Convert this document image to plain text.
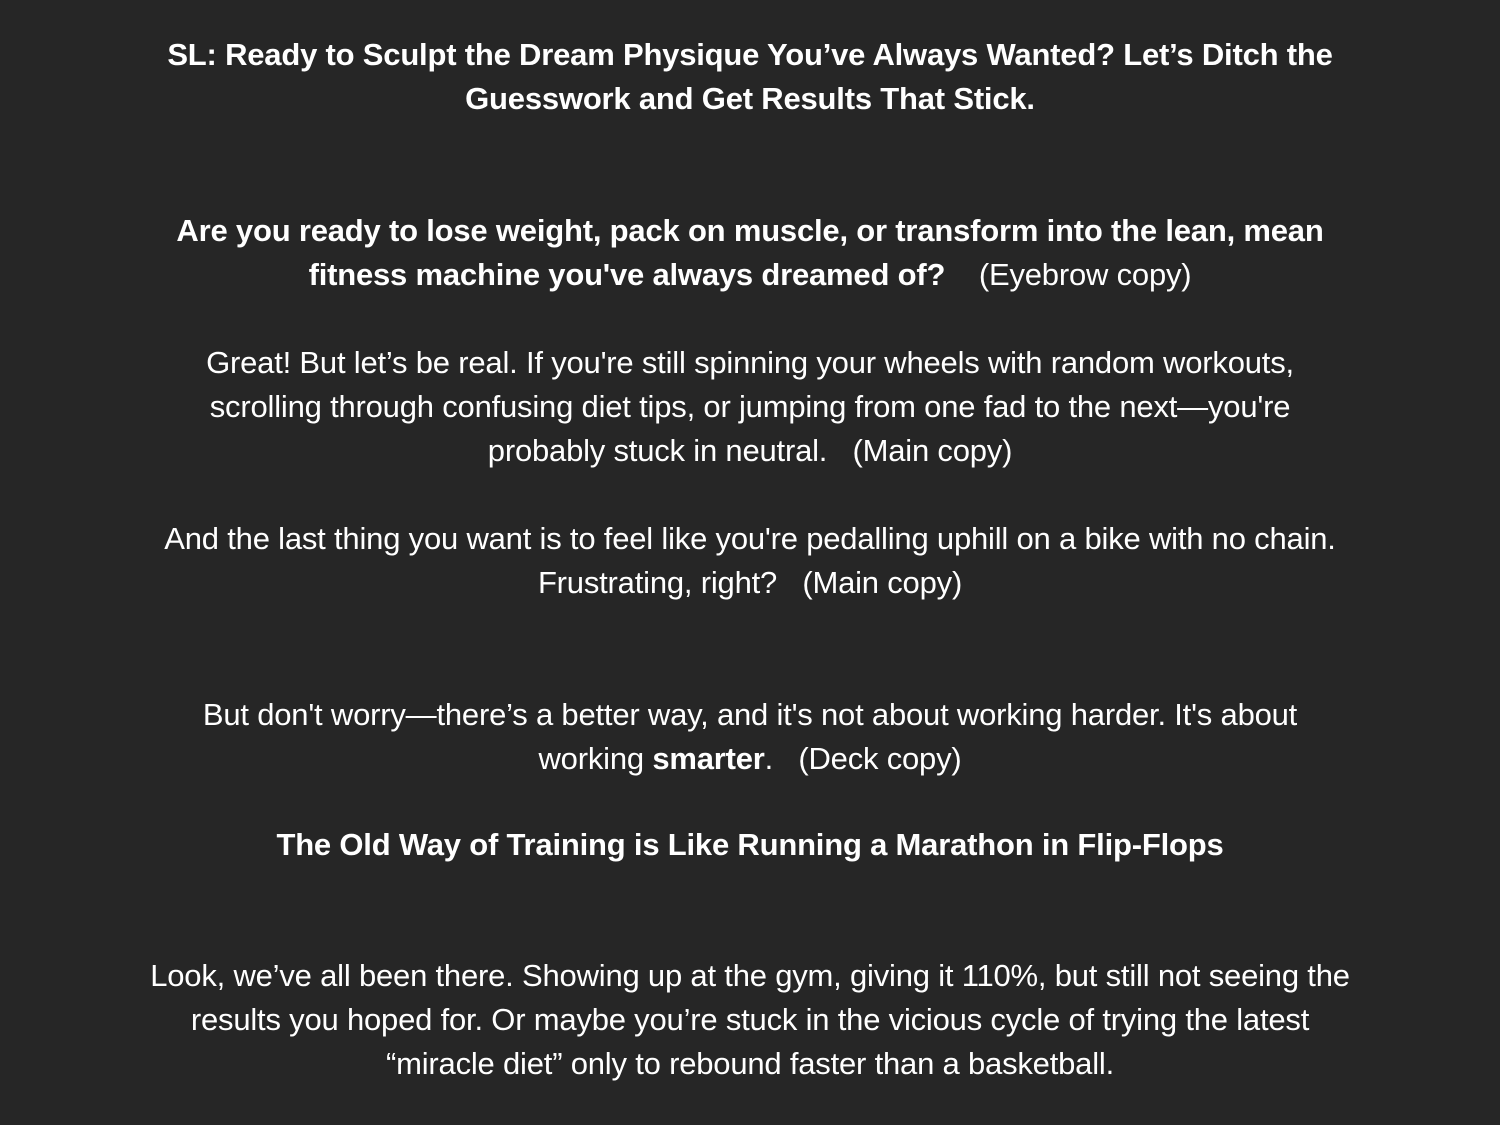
SL: Ready to Sculpt the Dream Physique You’ve Always Wanted? Let’s Ditch the
Guesswork and Get Results That Stick.

Are you ready to lose weight, pack on muscle, or transform into the lean, mean
fitness machine you've always dreamed of? (Eyebrow copy)

Great! But let’s be real. If you're still spinning your wheels with random workouts,
scrolling through confusing diet tips, or jumping from one fad to the next—you're
probably stuck in neutral. (Main copy)

And the last thing you want is to feel like you're pedalling uphill on a bike with no chain.
Frustrating, right? (Main copy)

But don't worry—there’s a better way, and it's not about working harder. It's about
working smarter. (Deck copy)

The Old Way of Training is Like Running a Marathon in Flip-Flops

Look, we’ve all been there. Showing up at the gym, giving it 110%, but still not seeing the
results you hoped for. Or maybe you’re stuck in the vicious cycle of trying the latest
“miracle diet” only to rebound faster than a basketball.
